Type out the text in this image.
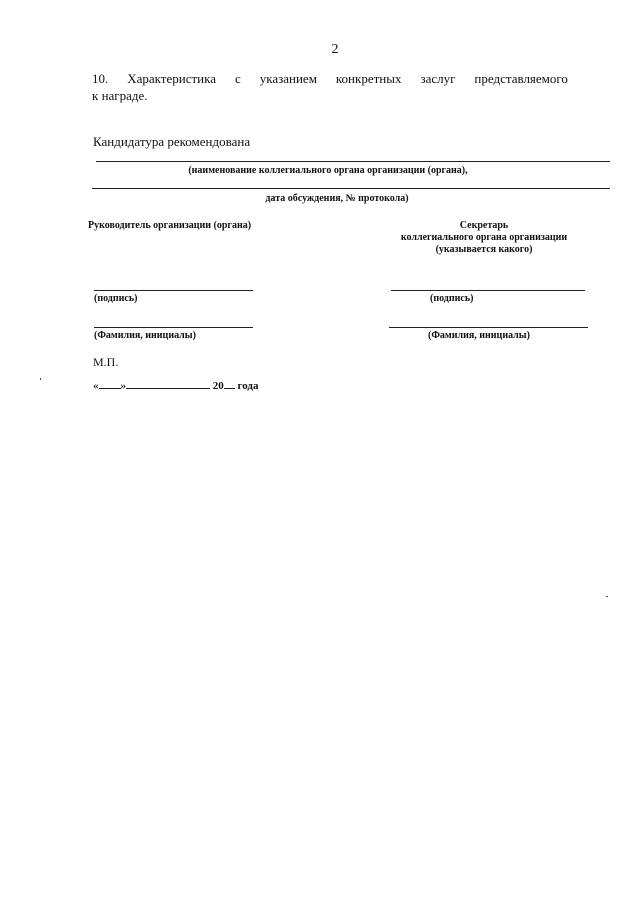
2
10. Характеристика с указанием конкретных заслуг представляемого
к награде.
Кандидатура рекомендована
(наименование коллегиального органа организации (органа),
дата обсуждения, № протокола)
Руководитель организации (органа)	Секретарь
коллегиального органа организации
(указывается какого)
(подпись)	(подпись)
(Фамилия, инициалы)	(Фамилия, инициалы)
М.П.
« »	20 года
